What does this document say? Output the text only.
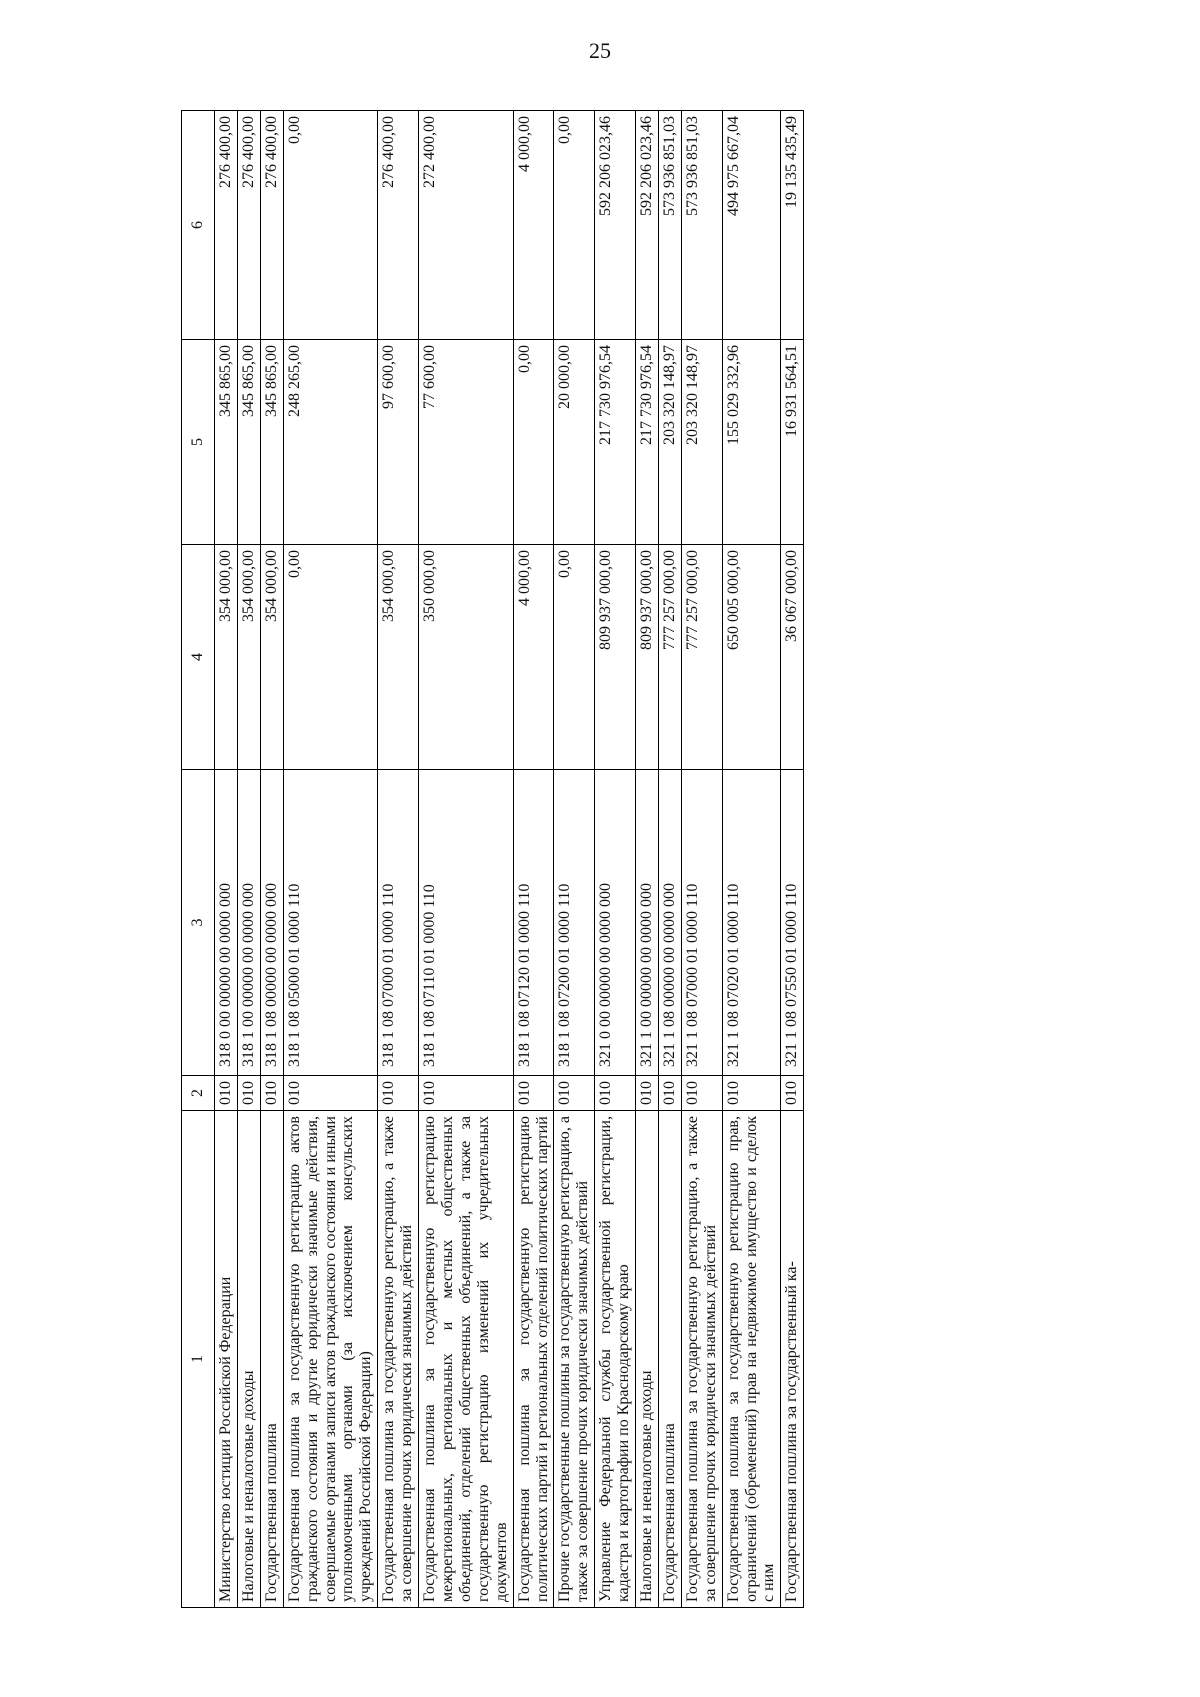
25
1	2	3	4	5	6
Министерство юстиции Российской Федерации	010	318 0 00 00000 00 0000 000	354 000,00	345 865,00	276 400,00
Налоговые и неналоговые доходы	010	318 1 00 00000 00 0000 000	354 000,00	345 865,00	276 400,00
Государственная пошлина	010	318 1 08 00000 00 0000 000	354 000,00	345 865,00	276 400,00
Государственная пошлина за государственную регистрацию актов гражданского состояния и другие юридически значимые действия, совершаемые органами записи актов гражданского состояния и иными уполномоченными органами (за исключением консульских учреждений Российской Федерации)	010	318 1 08 05000 01 0000 110	0,00	248 265,00	0,00
Государственная пошлина за государственную регистрацию, а также за совершение прочих юридически значимых действий	010	318 1 08 07000 01 0000 110	354 000,00	97 600,00	276 400,00
Государственная пошлина за государственную регистрацию межрегиональных, региональных и местных общественных объединений, отделений общественных объединений, а также за государственную регистрацию изменений их учредительных документов	010	318 1 08 07110 01 0000 110	350 000,00	77 600,00	272 400,00
Государственная пошлина за государственную регистрацию политических партий и региональных отделений политических партий	010	318 1 08 07120 01 0000 110	4 000,00	0,00	4 000,00
Прочие государственные пошлины за государственную регистрацию, а также за совершение прочих юридически значимых действий	010	318 1 08 07200 01 0000 110	0,00	20 000,00	0,00
Управление Федеральной службы государственной регистрации, кадастра и картографии по Краснодарскому краю	010	321 0 00 00000 00 0000 000	809 937 000,00	217 730 976,54	592 206 023,46
Налоговые и неналоговые доходы	010	321 1 00 00000 00 0000 000	809 937 000,00	217 730 976,54	592 206 023,46
Государственная пошлина	010	321 1 08 00000 00 0000 000	777 257 000,00	203 320 148,97	573 936 851,03
Государственная пошлина за государственную регистрацию, а также за совершение прочих юридически значимых действий	010	321 1 08 07000 01 0000 110	777 257 000,00	203 320 148,97	573 936 851,03
Государственная пошлина за государственную регистрацию прав, ограничений (обременений) прав на недвижимое имущество и сделок с ним	010	321 1 08 07020 01 0000 110	650 005 000,00	155 029 332,96	494 975 667,04
Государственная пошлина за государственный ка-	010	321 1 08 07550 01 0000 110	36 067 000,00	16 931 564,51	19 135 435,49
